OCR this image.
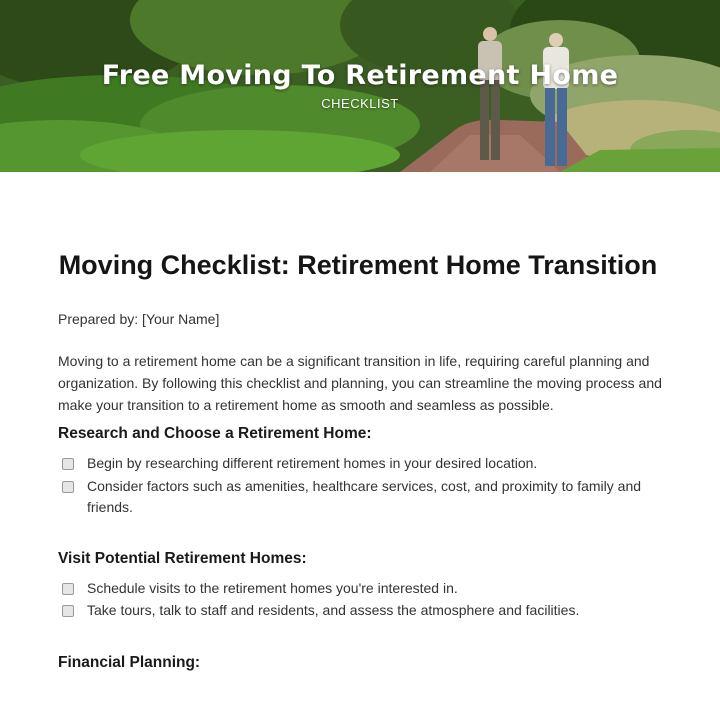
Free Moving To Retirement Home
CHECKLIST
Moving Checklist: Retirement Home Transition
Prepared by: [Your Name]
Moving to a retirement home can be a significant transition in life, requiring careful planning and organization. By following this checklist and planning, you can streamline the moving process and make your transition to a retirement home as smooth and seamless as possible.
Research and Choose a Retirement Home:
Begin by researching different retirement homes in your desired location.
Consider factors such as amenities, healthcare services, cost, and proximity to family and friends.
Visit Potential Retirement Homes:
Schedule visits to the retirement homes you're interested in.
Take tours, talk to staff and residents, and assess the atmosphere and facilities.
Financial Planning:
